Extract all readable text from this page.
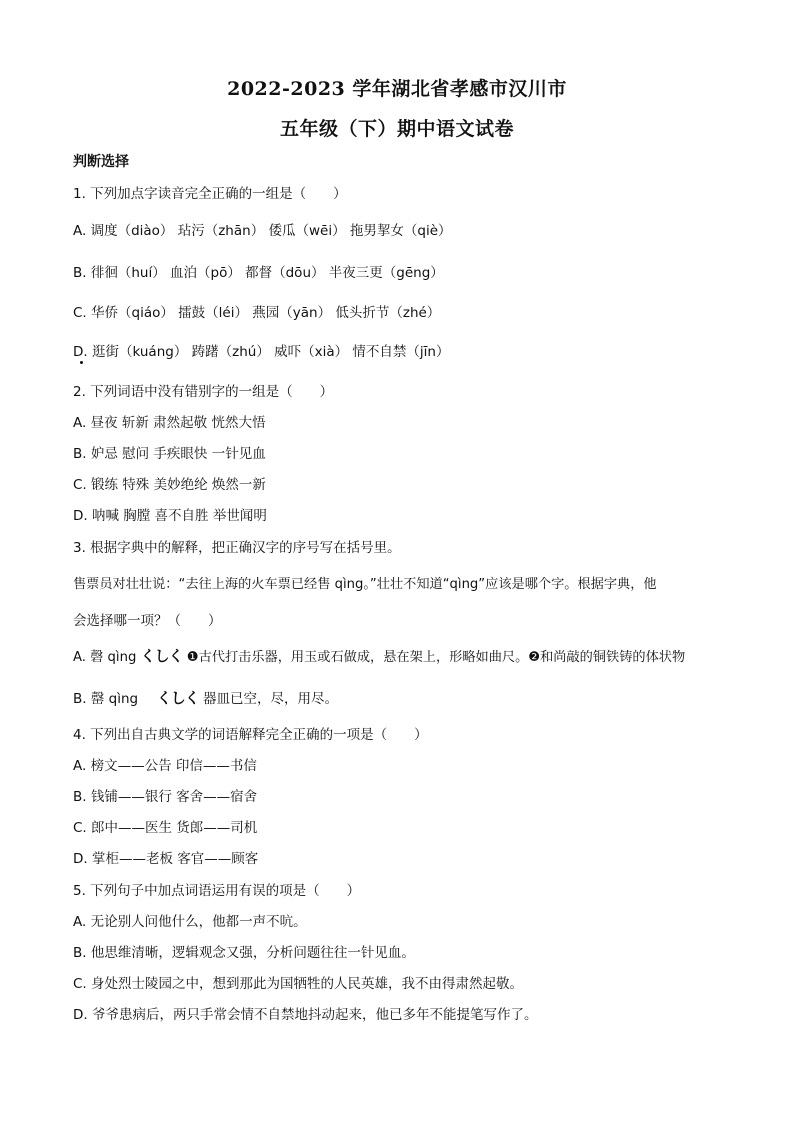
2022-2023 学年湖北省孝感市汉川市
五年级（下）期中语文试卷
判断选择
1. 下列加点字读音完全正确的一组是（　　）
A. 调度（diào） 玷污（zhān） 倭瓜（wēi） 拖男挈女（qiè）
B. 徘徊（huí） 血泊（pō） 都督（dōu） 半夜三更（gēng）
C. 华侨（qiáo） 擂鼓（léi） 燕园（yān） 低头折节（zhé）
D. 逛街（kuáng） 踌躇（zhú） 威吓（xià） 情不自禁（jīn）
2. 下列词语中没有错别字的一组是（　　）
A. 昼夜 斩新 肃然起敬 恍然大悟
B. 妒忌 慰问 手疾眼快 一针见血
C. 锻练 特殊 美妙绝纶 焕然一新
D. 呐喊 胸膛 喜不自胜 举世闻明
3. 根据字典中的解释，把正确汉字的序号写在括号里。
售票员对壮壮说：“去往上海的火车票已经售 qìng。”壮壮不知道“qìng”应该是哪个字。根据字典，他
会选择哪一项？（　　）
A. 磬 qìng くしく ❶古代打击乐器，用玉或石做成，悬在架上，形略如曲尺。❷和尚敲的铜铁铸的体状物
B. 罄 qìng くしく 器皿已空，尽，用尽。
4. 下列出自古典文学的词语解释完全正确的一项是（　　）
A. 榜文——公告 印信——书信
B. 钱铺——银行 客舍——宿舍
C. 郎中——医生 货郎——司机
D. 掌柜——老板 客官——顾客
5. 下列句子中加点词语运用有误的项是（　　）
A. 无论别人问他什么，他都一声不吭。
B. 他思维清晰，逻辑观念又强，分析问题往往一针见血。
C. 身处烈士陵园之中，想到那此为国牺牲的人民英雄，我不由得肃然起敬。
D. 爷爷患病后，两只手常会情不自禁地抖动起来，他已多年不能提笔写作了。
